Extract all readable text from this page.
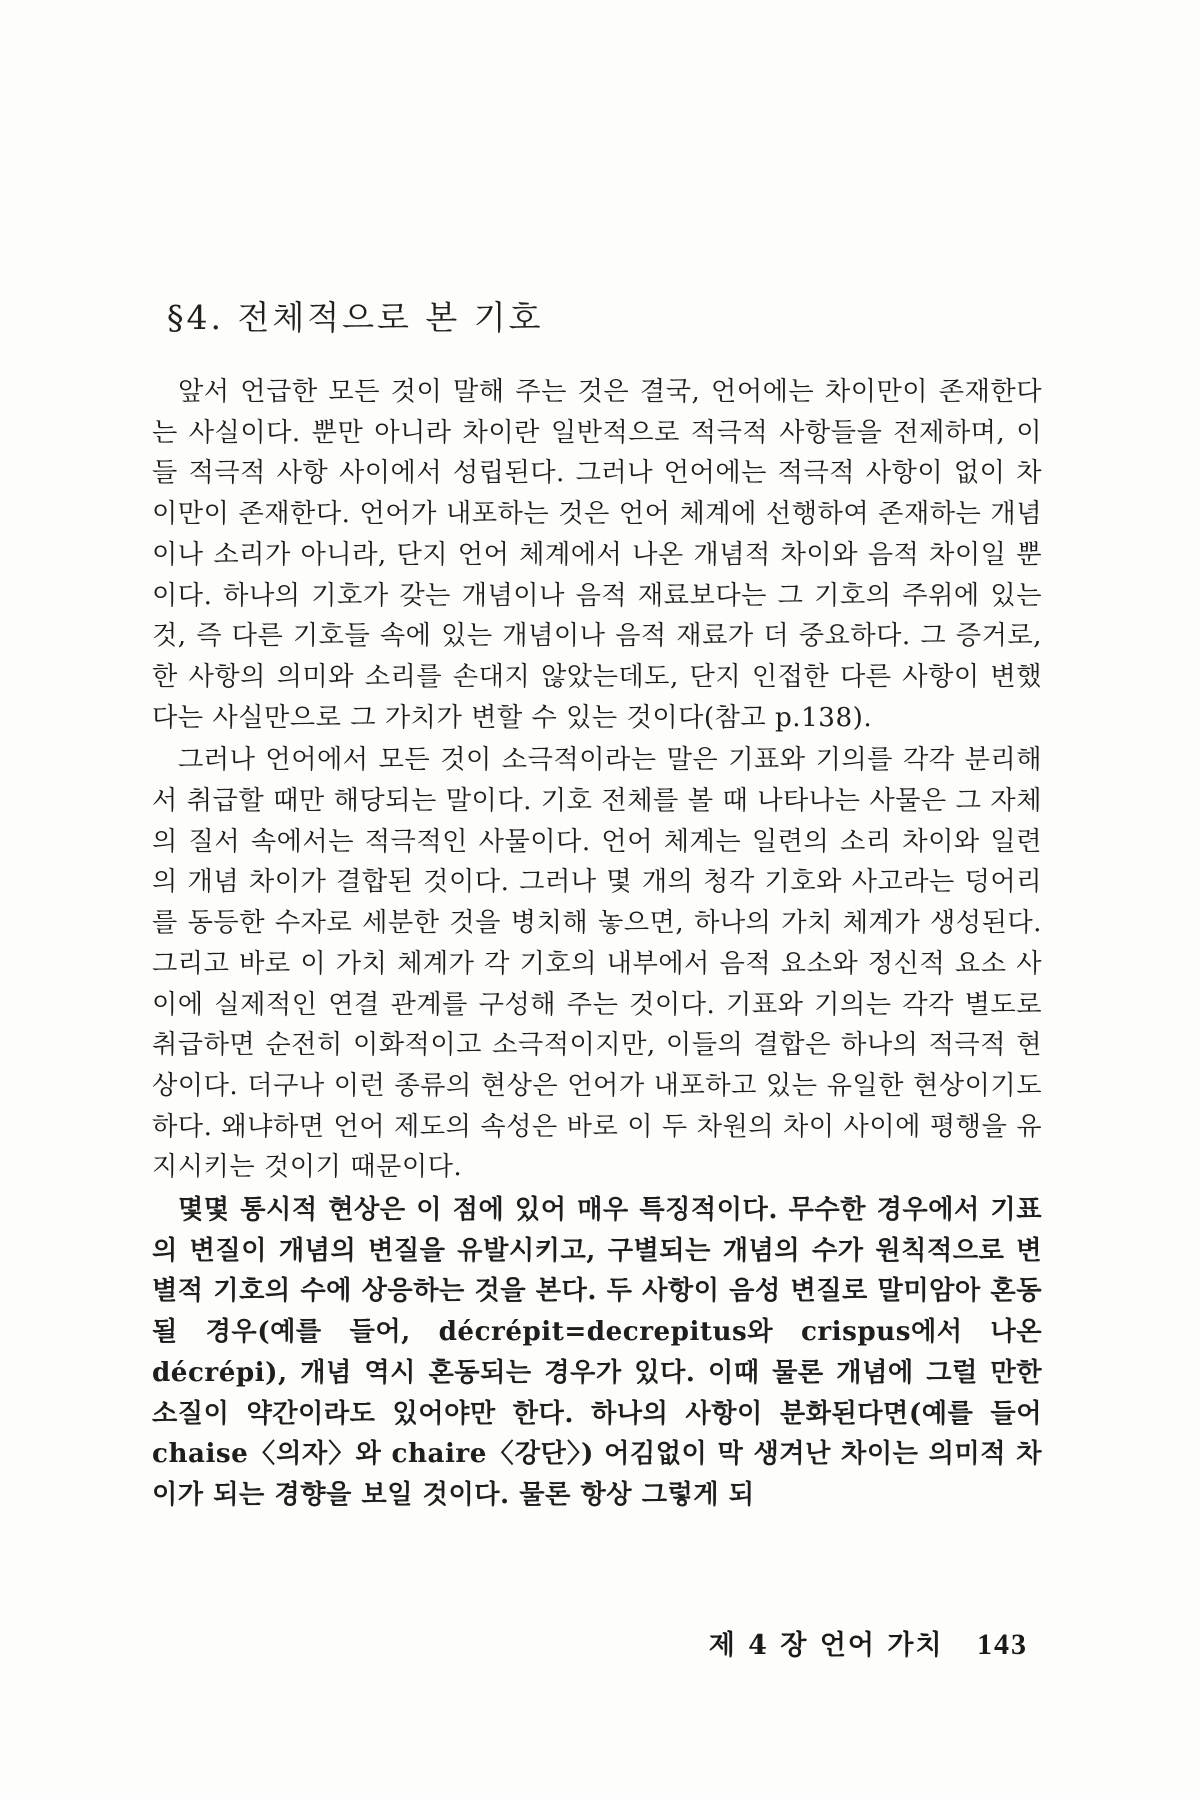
§4. 전체적으로 본 기호

앞서 언급한 모든 것이 말해 주는 것은 결국, 언어에는 차이만이 존재한다는 사실이다. 뿐만 아니라 차이란 일반적으로 적극적 사항들을 전제하며, 이들 적극적 사항 사이에서 성립된다. 그러나 언어에는 적극적 사항이 없이 차이만이 존재한다. 언어가 내포하는 것은 언어 체계에 선행하여 존재하는 개념이나 소리가 아니라, 단지 언어 체계에서 나온 개념적 차이와 음적 차이일 뿐이다. 하나의 기호가 갖는 개념이나 음적 재료보다는 그 기호의 주위에 있는 것, 즉 다른 기호들 속에 있는 개념이나 음적 재료가 더 중요하다. 그 증거로, 한 사항의 의미와 소리를 손대지 않았는데도, 단지 인접한 다른 사항이 변했다는 사실만으로 그 가치가 변할 수 있는 것이다(참고 p.138).

그러나 언어에서 모든 것이 소극적이라는 말은 기표와 기의를 각각 분리해서 취급할 때만 해당되는 말이다. 기호 전체를 볼 때 나타나는 사물은 그 자체의 질서 속에서는 적극적인 사물이다. 언어 체계는 일련의 소리 차이와 일련의 개념 차이가 결합된 것이다. 그러나 몇 개의 청각 기호와 사고라는 덩어리를 동등한 수자로 세분한 것을 병치해 놓으면, 하나의 가치 체계가 생성된다. 그리고 바로 이 가치 체계가 각 기호의 내부에서 음적 요소와 정신적 요소 사이에 실제적인 연결 관계를 구성해 주는 것이다. 기표와 기의는 각각 별도로 취급하면 순전히 이화적이고 소극적이지만, 이들의 결합은 하나의 적극적 현상이다. 더구나 이런 종류의 현상은 언어가 내포하고 있는 유일한 현상이기도 하다. 왜냐하면 언어 제도의 속성은 바로 이 두 차원의 차이 사이에 평행을 유지시키는 것이기 때문이다.

몇몇 통시적 현상은 이 점에 있어 매우 특징적이다. 무수한 경우에서 기표의 변질이 개념의 변질을 유발시키고, 구별되는 개념의 수가 원칙적으로 변별적 기호의 수에 상응하는 것을 본다. 두 사항이 음성 변질로 말미암아 혼동될 경우(예를 들어, décrépit=decrepitus와 crispus에서 나온 décrépi), 개념 역시 혼동되는 경우가 있다. 이때 물론 개념에 그럴 만한 소질이 약간이라도 있어야만 한다. 하나의 사항이 분화된다면(예를 들어 chaise〈의자〉와 chaire〈강단〉) 어김없이 막 생겨난 차이는 의미적 차이가 되는 경향을 보일 것이다. 물론 항상 그렇게 되

제 4 장 언어 가치 143
